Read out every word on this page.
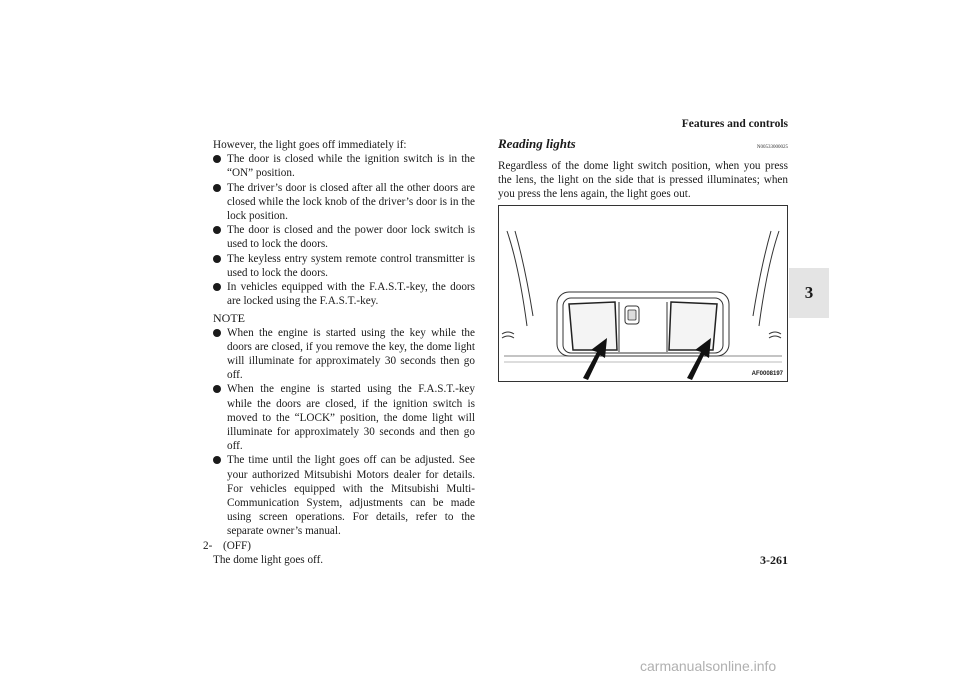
Features and controls
3
However, the light goes off immediately if:
The door is closed while the ignition switch is in the “ON” position.
The driver’s door is closed after all the other doors are closed while the lock knob of the driver’s door is in the lock position.
The door is closed and the power door lock switch is used to lock the doors.
The keyless entry system remote control transmitter is used to lock the doors.
In vehicles equipped with the F.A.S.T.-key, the doors are locked using the F.A.S.T.-key.
NOTE
When the engine is started using the key while the doors are closed, if you remove the key, the dome light will illuminate for approximately 30 seconds then go off.
When the engine is started using the F.A.S.T.-key while the doors are closed, if the ignition switch is moved to the “LOCK” position, the dome light will illuminate for approximately 30 seconds and then go off.
The time until the light goes off can be adjusted. See your authorized Mitsubishi Motors dealer for details. For vehicles equipped with the Mitsubishi Multi-Communication System, adjustments can be made using screen operations. For details, refer to the separate owner’s manual.
2- (OFF)
The dome light goes off.
Reading lights	N00533000025
Regardless of the dome light switch position, when you press the lens, the light on the side that is pressed illuminates; when you press the lens again, the light goes out.
AF0008197
3-261
carmanualsonline.info
